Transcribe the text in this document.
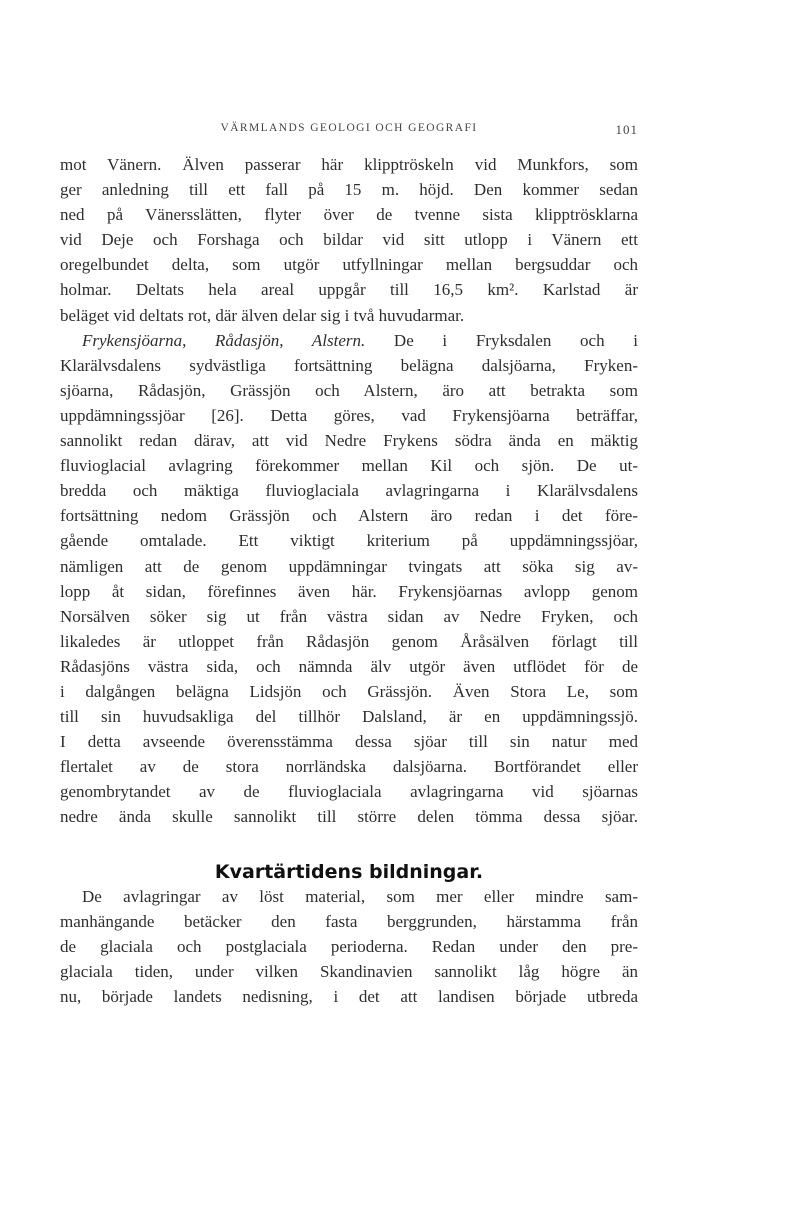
VÄRMLANDS GEOLOGI OCH GEOGRAFI	101
mot Vänern. Älven passerar här klipptröskeln vid Munkfors, som
ger anledning till ett fall på 15 m. höjd. Den kommer sedan
ned på Vänersslätten, flyter över de tvenne sista klipptrösklarna
vid Deje och Forshaga och bildar vid sitt utlopp i Vänern ett
oregelbundet delta, som utgör utfyllningar mellan bergsuddar och
holmar. Deltats hela areal uppgår till 16,5 km². Karlstad är
beläget vid deltats rot, där älven delar sig i två huvudarmar.
Frykensjöarna, Rådasjön, Alstern. De i Fryksdalen och i
Klarälvsdalens sydvästliga fortsättning belägna dalsjöarna, Fryken-
sjöarna, Rådasjön, Grässjön och Alstern, äro att betrakta som
uppdämningssjöar [26]. Detta göres, vad Frykensjöarna beträffar,
sannolikt redan därav, att vid Nedre Frykens södra ända en mäktig
fluvioglacial avlagring förekommer mellan Kil och sjön. De ut-
bredda och mäktiga fluvioglaciala avlagringarna i Klarälvsdalens
fortsättning nedom Grässjön och Alstern äro redan i det före-
gående omtalade. Ett viktigt kriterium på uppdämningssjöar,
nämligen att de genom uppdämningar tvingats att söka sig av-
lopp åt sidan, förefinnes även här. Frykensjöarnas avlopp genom
Norsälven söker sig ut från västra sidan av Nedre Fryken, och
likaledes är utloppet från Rådasjön genom Åråsälven förlagt till
Rådasjöns västra sida, och nämnda älv utgör även utflödet för de
i dalgången belägna Lidsjön och Grässjön. Även Stora Le, som
till sin huvudsakliga del tillhör Dalsland, är en uppdämningssjö.
I detta avseende överensstämma dessa sjöar till sin natur med
flertalet av de stora norrländska dalsjöarna. Bortförandet eller
genombrytandet av de fluvioglaciala avlagringarna vid sjöarnas
nedre ända skulle sannolikt till större delen tömma dessa sjöar.
Kvartärtidens bildningar.
De avlagringar av löst material, som mer eller mindre sam-
manhängande betäcker den fasta berggrunden, härstamma från
de glaciala och postglaciala perioderna. Redan under den pre-
glaciala tiden, under vilken Skandinavien sannolikt låg högre än
nu, började landets nedisning, i det att landisen började utbreda
